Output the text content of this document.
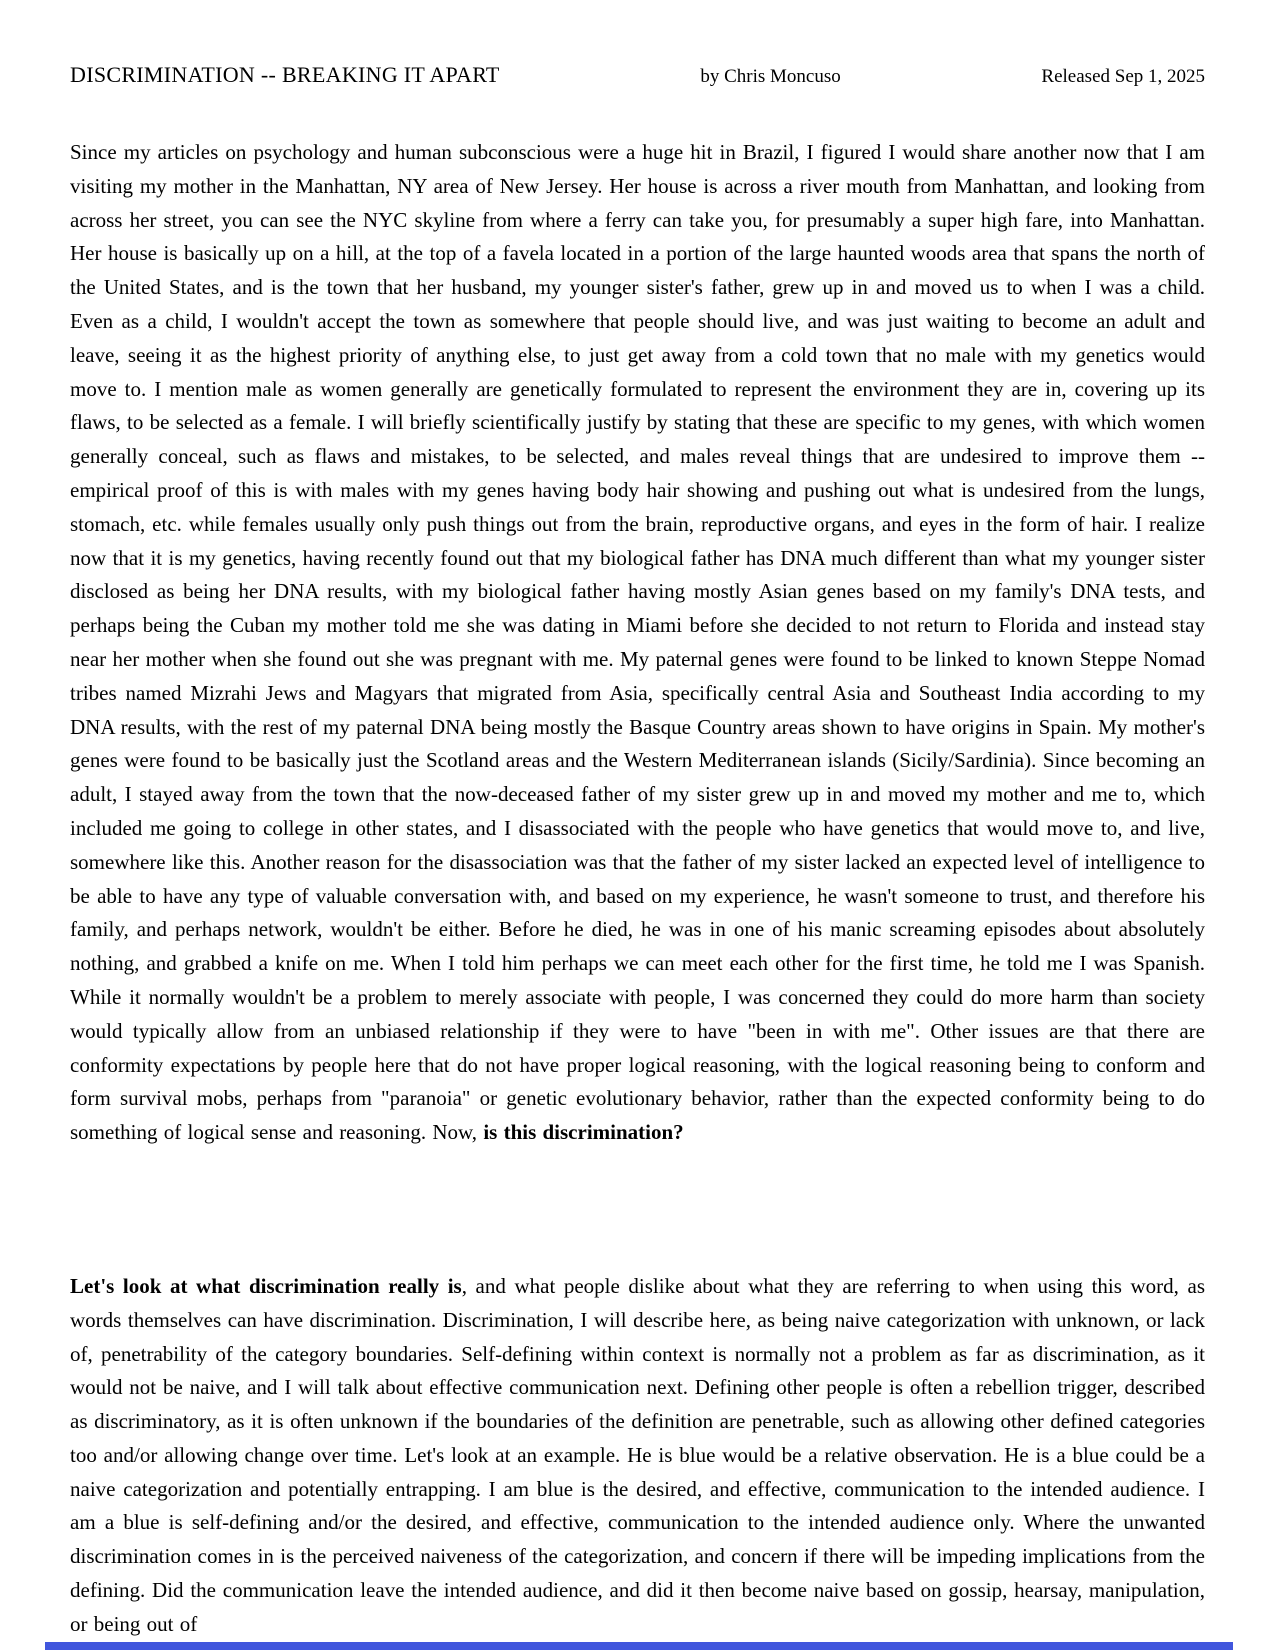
DISCRIMINATION -- BREAKING IT APART	by Chris Moncuso	Released Sep 1, 2025

Since my articles on psychology and human subconscious were a huge hit in Brazil, I figured I would share another now that I am visiting my mother in the Manhattan, NY area of New Jersey. Her house is across a river mouth from Manhattan, and looking from across her street, you can see the NYC skyline from where a ferry can take you, for presumably a super high fare, into Manhattan. Her house is basically up on a hill, at the top of a favela located in a portion of the large haunted woods area that spans the north of the United States, and is the town that her husband, my younger sister's father, grew up in and moved us to when I was a child. Even as a child, I wouldn't accept the town as somewhere that people should live, and was just waiting to become an adult and leave, seeing it as the highest priority of anything else, to just get away from a cold town that no male with my genetics would move to. I mention male as women generally are genetically formulated to represent the environment they are in, covering up its flaws, to be selected as a female. I will briefly scientifically justify by stating that these are specific to my genes, with which women generally conceal, such as flaws and mistakes, to be selected, and males reveal things that are undesired to improve them -- empirical proof of this is with males with my genes having body hair showing and pushing out what is undesired from the lungs, stomach, etc. while females usually only push things out from the brain, reproductive organs, and eyes in the form of hair. I realize now that it is my genetics, having recently found out that my biological father has DNA much different than what my younger sister disclosed as being her DNA results, with my biological father having mostly Asian genes based on my family's DNA tests, and perhaps being the Cuban my mother told me she was dating in Miami before she decided to not return to Florida and instead stay near her mother when she found out she was pregnant with me. My paternal genes were found to be linked to known Steppe Nomad tribes named Mizrahi Jews and Magyars that migrated from Asia, specifically central Asia and Southeast India according to my DNA results, with the rest of my paternal DNA being mostly the Basque Country areas shown to have origins in Spain. My mother's genes were found to be basically just the Scotland areas and the Western Mediterranean islands (Sicily/Sardinia). Since becoming an adult, I stayed away from the town that the now-deceased father of my sister grew up in and moved my mother and me to, which included me going to college in other states, and I disassociated with the people who have genetics that would move to, and live, somewhere like this. Another reason for the disassociation was that the father of my sister lacked an expected level of intelligence to be able to have any type of valuable conversation with, and based on my experience, he wasn't someone to trust, and therefore his family, and perhaps network, wouldn't be either. Before he died, he was in one of his manic screaming episodes about absolutely nothing, and grabbed a knife on me. When I told him perhaps we can meet each other for the first time, he told me I was Spanish. While it normally wouldn't be a problem to merely associate with people, I was concerned they could do more harm than society would typically allow from an unbiased relationship if they were to have "been in with me". Other issues are that there are conformity expectations by people here that do not have proper logical reasoning, with the logical reasoning being to conform and form survival mobs, perhaps from "paranoia" or genetic evolutionary behavior, rather than the expected conformity being to do something of logical sense and reasoning. Now, is this discrimination?

Let's look at what discrimination really is, and what people dislike about what they are referring to when using this word, as words themselves can have discrimination. Discrimination, I will describe here, as being naive categorization with unknown, or lack of, penetrability of the category boundaries. Self-defining within context is normally not a problem as far as discrimination, as it would not be naive, and I will talk about effective communication next. Defining other people is often a rebellion trigger, described as discriminatory, as it is often unknown if the boundaries of the definition are penetrable, such as allowing other defined categories too and/or allowing change over time. Let's look at an example. He is blue would be a relative observation. He is a blue could be a naive categorization and potentially entrapping. I am blue is the desired, and effective, communication to the intended audience. I am a blue is self-defining and/or the desired, and effective, communication to the intended audience only. Where the unwanted discrimination comes in is the perceived naiveness of the categorization, and concern if there will be impeding implications from the defining. Did the communication leave the intended audience, and did it then become naive based on gossip, hearsay, manipulation, or being out of
